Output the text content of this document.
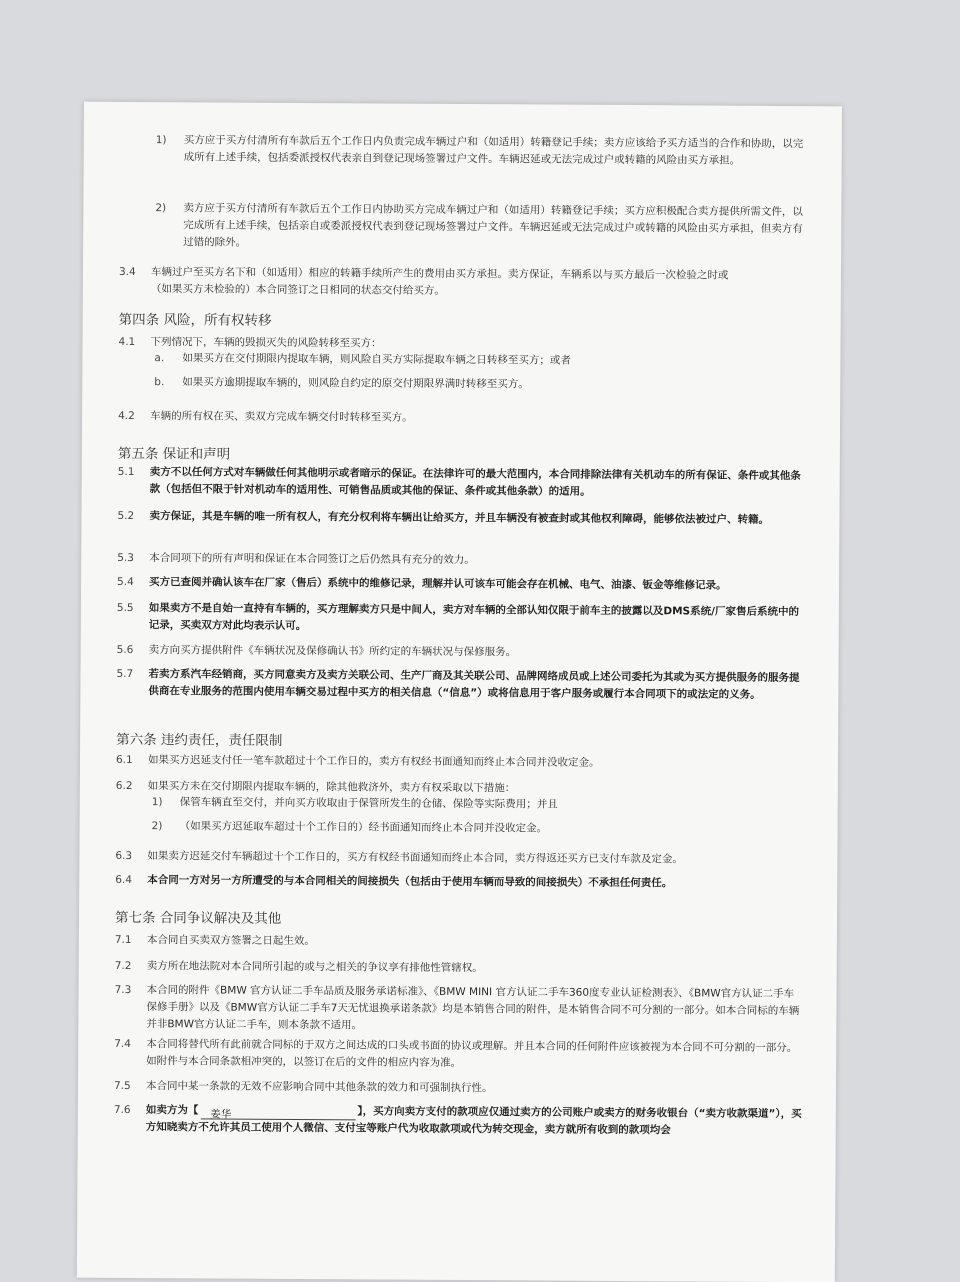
1)	买方应于买方付清所有车款后五个工作日内负责完成车辆过户和（如适用）转籍登记手续；卖方应该给予买方适当的合作和协助，以完成所有上述手续，包括委派授权代表亲自到登记现场签署过户文件。车辆迟延或无法完成过户或转籍的风险由买方承担。
2)	卖方应于买方付清所有车款后五个工作日内协助买方完成车辆过户和（如适用）转籍登记手续；买方应积极配合卖方提供所需文件，以完成所有上述手续，包括亲自或委派授权代表到登记现场签署过户文件。车辆迟延或无法完成过户或转籍的风险由买方承担，但卖方有过错的除外。
3.4	车辆过户至买方名下和（如适用）相应的转籍手续所产生的费用由买方承担。卖方保证，车辆系以与买方最后一次检验之时或（如果买方未检验的）本合同签订之日相同的状态交付给买方。
第四条 风险，所有权转移
4.1	下列情况下，车辆的毁损灭失的风险转移至买方：
a.	如果买方在交付期限内提取车辆，则风险自买方实际提取车辆之日转移至买方；或者
b.	如果买方逾期提取车辆的，则风险自约定的原交付期限界满时转移至买方。
4.2	车辆的所有权在买、卖双方完成车辆交付时转移至买方。
第五条 保证和声明
5.1	卖方不以任何方式对车辆做任何其他明示或者暗示的保证。在法律许可的最大范围内，本合同排除法律有关机动车的所有保证、条件或其他条款（包括但不限于针对机动车的适用性、可销售品质或其他的保证、条件或其他条款）的适用。
5.2	卖方保证，其是车辆的唯一所有权人，有充分权利将车辆出让给买方，并且车辆没有被查封或其他权利障碍，能够依法被过户、转籍。
5.3	本合同项下的所有声明和保证在本合同签订之后仍然具有充分的效力。
5.4	买方已查阅并确认该车在厂家（售后）系统中的维修记录，理解并认可该车可能会存在机械、电气、油漆、钣金等维修记录。
5.5	如果卖方不是自始一直持有车辆的，买方理解卖方只是中间人，卖方对车辆的全部认知仅限于前车主的披露以及DMS系统/厂家售后系统中的记录，买卖双方对此均表示认可。
5.6	卖方向买方提供附件《车辆状况及保修确认书》所约定的车辆状况与保修服务。
5.7	若卖方系汽车经销商，买方同意卖方及卖方关联公司、生产厂商及其关联公司、品牌网络成员或上述公司委托为其或为买方提供服务的服务提供商在专业服务的范围内使用车辆交易过程中买方的相关信息（“信息”）或将信息用于客户服务或履行本合同项下的或法定的义务。
第六条 违约责任，责任限制
6.1	如果买方迟延支付任一笔车款超过十个工作日的，卖方有权经书面通知而终止本合同并没收定金。
6.2	如果买方未在交付期限内提取车辆的，除其他救济外，卖方有权采取以下措施：
1)	保管车辆直至交付，并向买方收取由于保管所发生的仓储、保险等实际费用；并且
2)	（如果买方迟延取车超过十个工作日的）经书面通知而终止本合同并没收定金。
6.3	如果卖方迟延交付车辆超过十个工作日的，买方有权经书面通知而终止本合同，卖方得返还买方已支付车款及定金。
6.4	本合同一方对另一方所遭受的与本合同相关的间接损失（包括由于使用车辆而导致的间接损失）不承担任何责任。
第七条 合同争议解决及其他
7.1	本合同自买卖双方签署之日起生效。
7.2	卖方所在地法院对本合同所引起的或与之相关的争议享有排他性管辖权。
7.3	本合同的附件《BMW 官方认证二手车品质及服务承诺标准》、《BMW MINI 官方认证二手车360度专业认证检测表》、《BMW官方认证二手车保修手册》以及《BMW官方认证二手车7天无忧退换承诺条款》均是本销售合同的附件，是本销售合同不可分割的一部分。如本合同标的车辆并非BMW官方认证二手车，则本条款不适用。
7.4	本合同将替代所有此前就合同标的于双方之间达成的口头或书面的协议或理解。并且本合同的任何附件应该被视为本合同不可分割的一部分。如附件与本合同条款相冲突的，以签订在后的文件的相应内容为准。
7.5	本合同中某一条款的无效不应影响合同中其他条款的效力和可强制执行性。
7.6	如卖方为【 姜华	】，买方向卖方支付的款项应仅通过卖方的公司账户或卖方的财务收银台（“卖方收款渠道”），买方知晓卖方不允许其员工使用个人微信、支付宝等账户代为收取款项或代为转交现金，卖方就所有收到的款项均会
